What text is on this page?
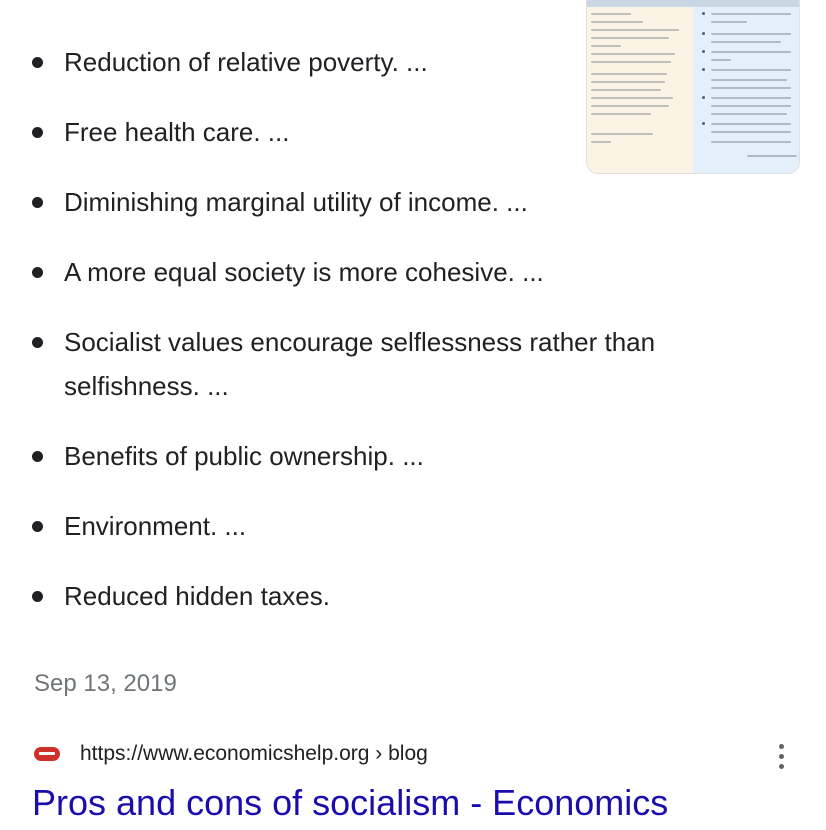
Reduction of relative poverty. ...
Free health care. ...
Diminishing marginal utility of income. ...
A more equal society is more cohesive. ...
Socialist values encourage selflessness rather than selfishness. ...
Benefits of public ownership. ...
Environment. ...
Reduced hidden taxes.
Sep 13, 2019
https://www.economicshelp.org › blog
Pros and cons of socialism - Economics
